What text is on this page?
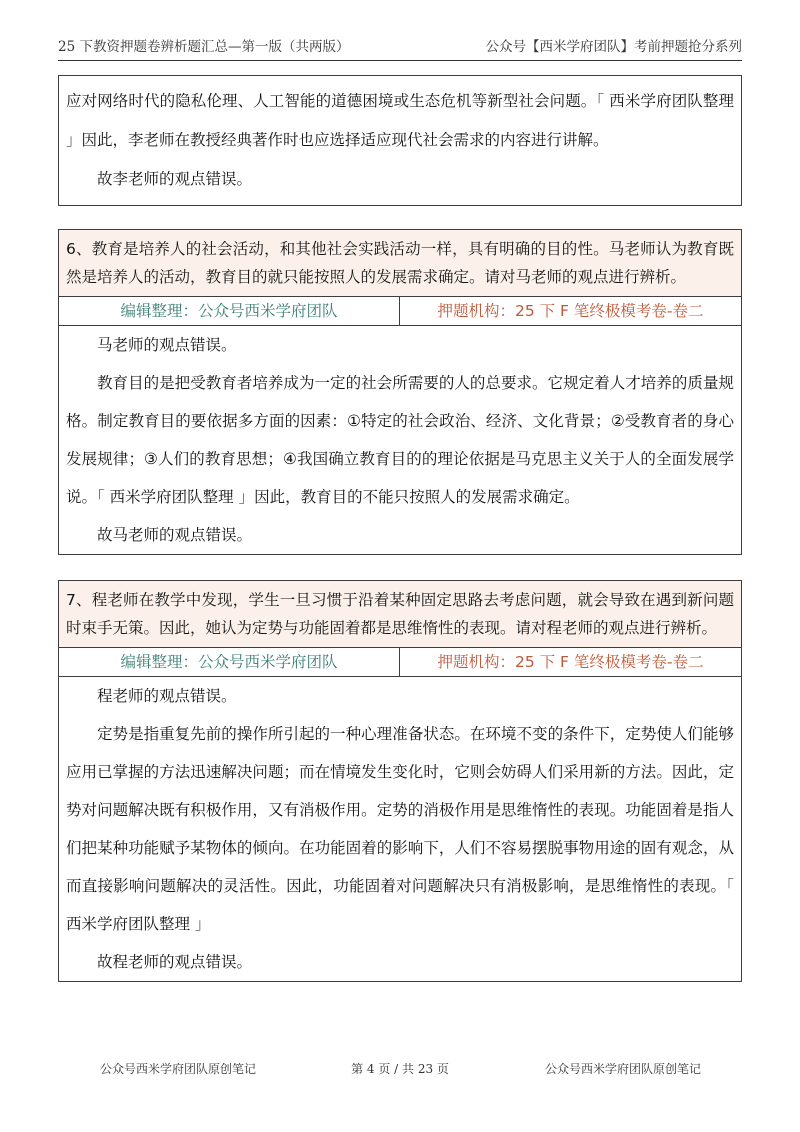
25 下教资押题卷辨析题汇总—第一版（共两版）	公众号【西米学府团队】考前押题抢分系列

应对网络时代的隐私伦理、人工智能的道德困境或生态危机等新型社会问题。「 西米学府团队整理 」因此，李老师在教授经典著作时也应选择适应现代社会需求的内容进行讲解。

故李老师的观点错误。

6、教育是培养人的社会活动，和其他社会实践活动一样，具有明确的目的性。马老师认为教育既然是培养人的活动，教育目的就只能按照人的发展需求确定。请对马老师的观点进行辨析。

编辑整理：公众号西米学府团队	押题机构：25 下 F 笔终极模考卷-卷二

马老师的观点错误。

教育目的是把受教育者培养成为一定的社会所需要的人的总要求。它规定着人才培养的质量规格。制定教育目的要依据多方面的因素：①特定的社会政治、经济、文化背景；②受教育者的身心发展规律；③人们的教育思想；④我国确立教育目的的理论依据是马克思主义关于人的全面发展学说。「 西米学府团队整理 」因此，教育目的不能只按照人的发展需求确定。

故马老师的观点错误。

7、程老师在教学中发现，学生一旦习惯于沿着某种固定思路去考虑问题，就会导致在遇到新问题时束手无策。因此，她认为定势与功能固着都是思维惰性的表现。请对程老师的观点进行辨析。

编辑整理：公众号西米学府团队	押题机构：25 下 F 笔终极模考卷-卷二

程老师的观点错误。

定势是指重复先前的操作所引起的一种心理准备状态。在环境不变的条件下，定势使人们能够应用已掌握的方法迅速解决问题；而在情境发生变化时，它则会妨碍人们采用新的方法。因此，定势对问题解决既有积极作用，又有消极作用。定势的消极作用是思维惰性的表现。功能固着是指人们把某种功能赋予某物体的倾向。在功能固着的影响下，人们不容易摆脱事物用途的固有观念，从而直接影响问题解决的灵活性。因此，功能固着对问题解决只有消极影响，是思维惰性的表现。「 西米学府团队整理 」

故程老师的观点错误。

公众号西米学府团队原创笔记	第 4 页 / 共 23 页	公众号西米学府团队原创笔记
